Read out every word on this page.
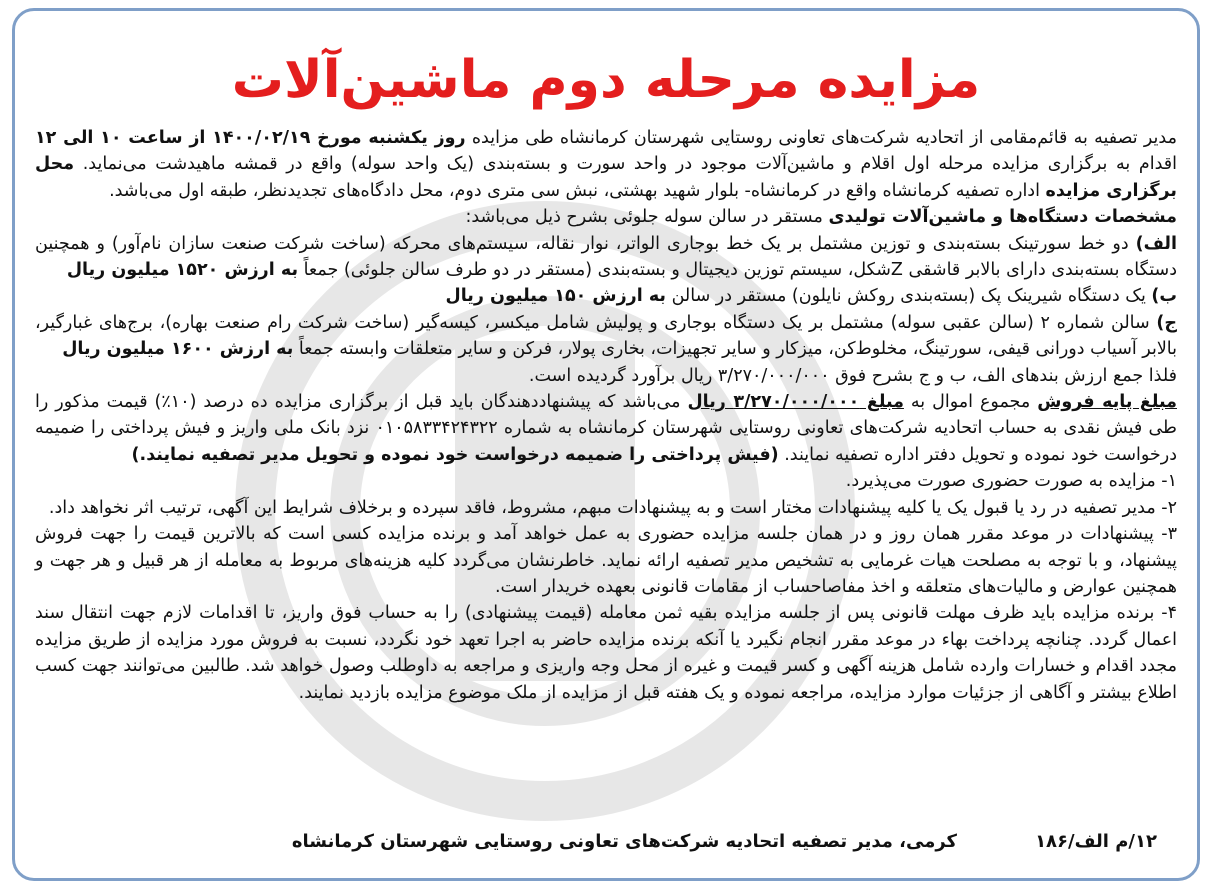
مزایده مرحله دوم ماشین‌آلات

مدیر تصفیه به قائم‌مقامی از اتحادیه شرکت‌های تعاونی روستایی شهرستان کرمانشاه طی مزایده روز یکشنبه مورخ ۱۴۰۰/۰۲/۱۹ از ساعت ۱۰ الی ۱۲ اقدام به برگزاری مزایده مرحله اول اقلام و ماشین‌آلات موجود در واحد سورت و بسته‌بندی (یک واحد سوله) واقع در قمشه ماهیدشت می‌نماید. محل برگزاری مزایده اداره تصفیه کرمانشاه واقع در کرمانشاه- بلوار شهید بهشتی، نبش سی متری دوم، محل دادگاه‌های تجدیدنظر، طبقه اول می‌باشد.

مشخصات دستگاه‌ها و ماشین‌آلات تولیدی مستقر در سالن سوله جلوئی بشرح ذیل می‌باشد:

الف) دو خط سورتینک بسته‌بندی و توزین مشتمل بر یک خط بوجاری الواتر، نوار نقاله، سیستم‌های محرکه (ساخت شرکت صنعت سازان نام‌آور) و همچنین دستگاه بسته‌بندی دارای بالابر قاشقی Zشکل، سیستم توزین دیجیتال و بسته‌بندی (مستقر در دو طرف سالن جلوئی) جمعاً به ارزش ۱۵۲۰ میلیون ریال

ب) یک دستگاه شیرینک پک (بسته‌بندی روکش نایلون) مستقر در سالن به ارزش ۱۵۰ میلیون ریال

ج) سالن شماره ۲ (سالن عقبی سوله) مشتمل بر یک دستگاه بوجاری و پولیش شامل میکسر، کیسه‌گیر (ساخت شرکت رام صنعت بهاره)، برج‌های غبارگیر، بالابر آسیاب دورانی قیفی، سورتینگ، مخلوط‌کن، میزکار و سایر تجهیزات، بخاری پولار، فرکن و سایر متعلقات وابسته جمعاً به ارزش ۱۶۰۰ میلیون ریال

فلذا جمع ارزش بندهای الف، ب و ج بشرح فوق ۳/۲۷۰/۰۰۰/۰۰۰ ریال برآورد گردیده است.

مبلغ پایه فروش مجموع اموال به مبلغ ۳/۲۷۰/۰۰۰/۰۰۰ ریال می‌باشد که پیشنهاددهندگان باید قبل از برگزاری مزایده ده درصد (۱۰٪) قیمت مذکور را طی فیش نقدی به حساب اتحادیه شرکت‌های تعاونی روستایی شهرستان کرمانشاه به شماره ۰۱۰۵۸۳۳۴۲۴۳۲۲ نزد بانک ملی واریز و فیش پرداختی را ضمیمه درخواست خود نموده و تحویل دفتر اداره تصفیه نمایند. (فیش پرداختی را ضمیمه درخواست خود نموده و تحویل مدیر تصفیه نمایند.)

۱- مزایده به صورت حضوری صورت می‌پذیرد.

۲- مدیر تصفیه در رد یا قبول یک یا کلیه پیشنهادات مختار است و به پیشنهادات مبهم، مشروط، فاقد سپرده و برخلاف شرایط این آگهی، ترتیب اثر نخواهد داد.

۳- پیشنهادات در موعد مقرر همان روز و در همان جلسه مزایده حضوری به عمل خواهد آمد و برنده مزایده کسی است که بالاترین قیمت را جهت فروش پیشنهاد، و با توجه به مصلحت هیات غرمایی به تشخیص مدیر تصفیه ارائه نماید. خاطرنشان می‌گردد کلیه هزینه‌های مربوط به معامله از هر قبیل و هر جهت و همچنین عوارض و مالیات‌های متعلقه و اخذ مفاصاحساب از مقامات قانونی بعهده خریدار است.

۴- برنده مزایده باید ظرف مهلت قانونی پس از جلسه مزایده بقیه ثمن معامله (قیمت پیشنهادی) را به حساب فوق واریز، تا اقدامات لازم جهت انتقال سند اعمال گردد. چنانچه پرداخت بهاء در موعد مقرر انجام نگیرد یا آنکه برنده مزایده حاضر به اجرا تعهد خود نگردد، نسبت به فروش مورد مزایده از طریق مزایده مجدد اقدام و خسارات وارده شامل هزینه آگهی و کسر قیمت و غیره از محل وجه واریزی و مراجعه به داوطلب وصول خواهد شد. طالبین می‌توانند جهت کسب اطلاع بیشتر و آگاهی از جزئیات موارد مزایده، مراجعه نموده و یک هفته قبل از مزایده از ملک موضوع مزایده بازدید نمایند.

کرمی، مدیر تصفیه اتحادیه شرکت‌های تعاونی روستایی شهرستان کرمانشاه	۱۲/م الف/۱۸۶
